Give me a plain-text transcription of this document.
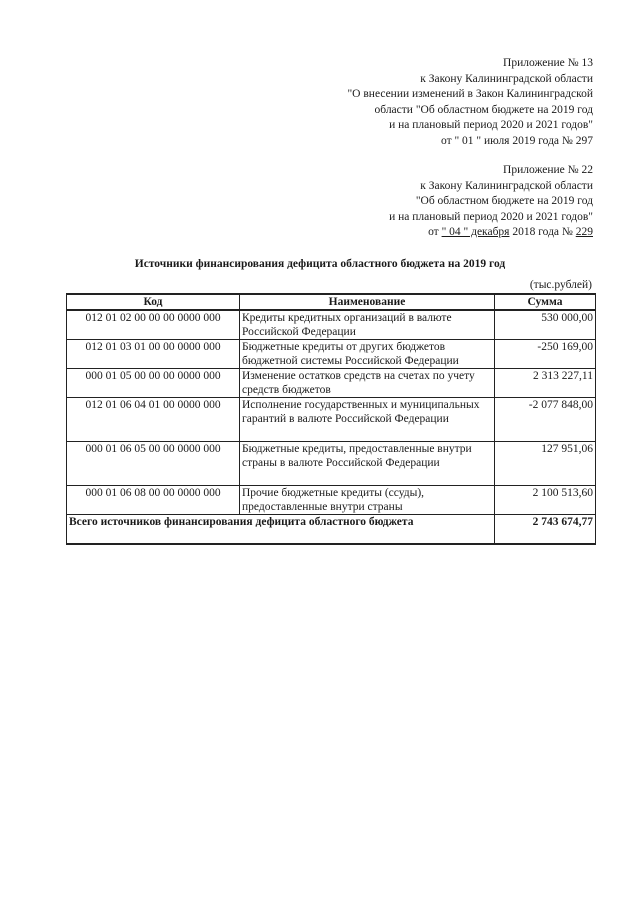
Приложение № 13
к Закону Калининградской области
"О внесении изменений в Закон Калининградской
области "Об областном бюджете на 2019 год
и на плановый период 2020 и 2021 годов"
от " 01 " июля 2019 года № 297
Приложение № 22
к Закону Калининградской области
"Об областном бюджете на 2019 год
и на плановый период 2020 и 2021 годов"
от " 04 " декабря 2018 года № 229
Источники финансирования дефицита областного бюджета на 2019 год
(тыс.рублей)
Код	Наименование	Сумма
012 01 02 00 00 00 0000 000	Кредиты кредитных организаций в валюте Российской Федерации	530 000,00
012 01 03 01 00 00 0000 000	Бюджетные кредиты от других бюджетов бюджетной системы Российской Федерации	-250 169,00
000 01 05 00 00 00 0000 000	Изменение остатков средств на счетах по учету средств бюджетов	2 313 227,11
012 01 06 04 01 00 0000 000	Исполнение государственных и муниципальных гарантий в валюте Российской Федерации	-2 077 848,00
000 01 06 05 00 00 0000 000	Бюджетные кредиты, предоставленные внутри страны в валюте Российской Федерации	127 951,06
000 01 06 08 00 00 0000 000	Прочие бюджетные кредиты (ссуды), предоставленные внутри страны	2 100 513,60
Всего источников финансирования дефицита областного бюджета		2 743 674,77
